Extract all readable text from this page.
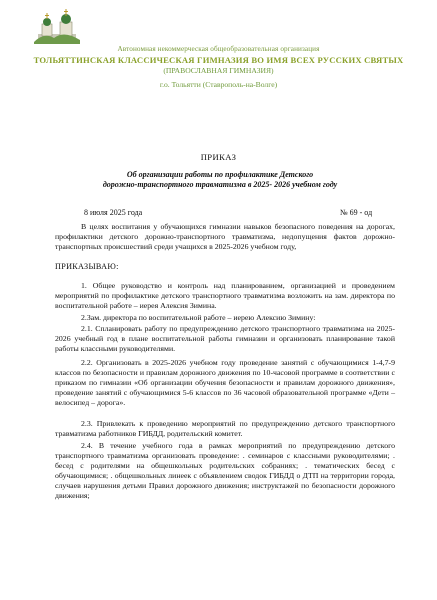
Автономная некоммерческая общеобразовательная организация
ТОЛЬЯТТИНСКАЯ КЛАССИЧЕСКАЯ ГИМНАЗИЯ ВО ИМЯ ВСЕХ РУССКИХ СВЯТЫХ
(ПРАВОСЛАВНАЯ ГИМНАЗИЯ)
г.о. Тольятти (Ставрополь-на-Волге)
ПРИКАЗ
Об организации работы по профилактике Детского
дорожно-транспортного травматизма в 2025- 2026 учебном году
8 июля 2025 года	№ 69 - од
В целях воспитания у обучающихся гимназии навыков безопасного поведения на дорогах, профилактики детского дорожно-транспортного травматизма, недопущения фактов дорожно-транспортных происшествий среди учащихся в 2025-2026 учебном году,
ПРИКАЗЫВАЮ:
1. Общее руководство и контроль над планированием, организацией и проведением мероприятий по профилактике детского транспортного травматизма возложить на зам. директора по воспитательной работе – иерея Алексия Зимина.
2.Зам. директора по воспитательной работе – иерею Алексию Зимину:
2.1. Спланировать работу по предупреждению детского транспортного травматизма на 2025-2026 учебный год в плане воспитательной работы гимназии и организовать планирование такой работы классными руководителями.
2.2. Организовать в 2025-2026 учебном году проведение занятий с обучающимися 1-4,7-9 классов по безопасности и правилам дорожного движения по 10-часовой программе в соответствии с приказом по гимназии «Об организации обучения безопасности и правилам дорожного движения», проведение занятий с обучающимися 5-6 классов по 36 часовой образовательной программе «Дети – велосипед – дорога».
2.3. Привлекать к проведению мероприятий по предупреждению детского транспортного травматизма работников ГИБДД, родительский комитет.
2.4. В течение учебного года в рамках мероприятий по предупреждению детского транспортного травматизма организовать проведение: . семинаров с классными руководителями; . бесед с родителями на общешкольных родительских собраниях; . тематических бесед с обучающимися; . общешкольных линеек с объявлением сводок ГИБДД о ДТП на территории города, случаев нарушения детьми Правил дорожного движения; инструктажей по безопасности дорожного движения;
